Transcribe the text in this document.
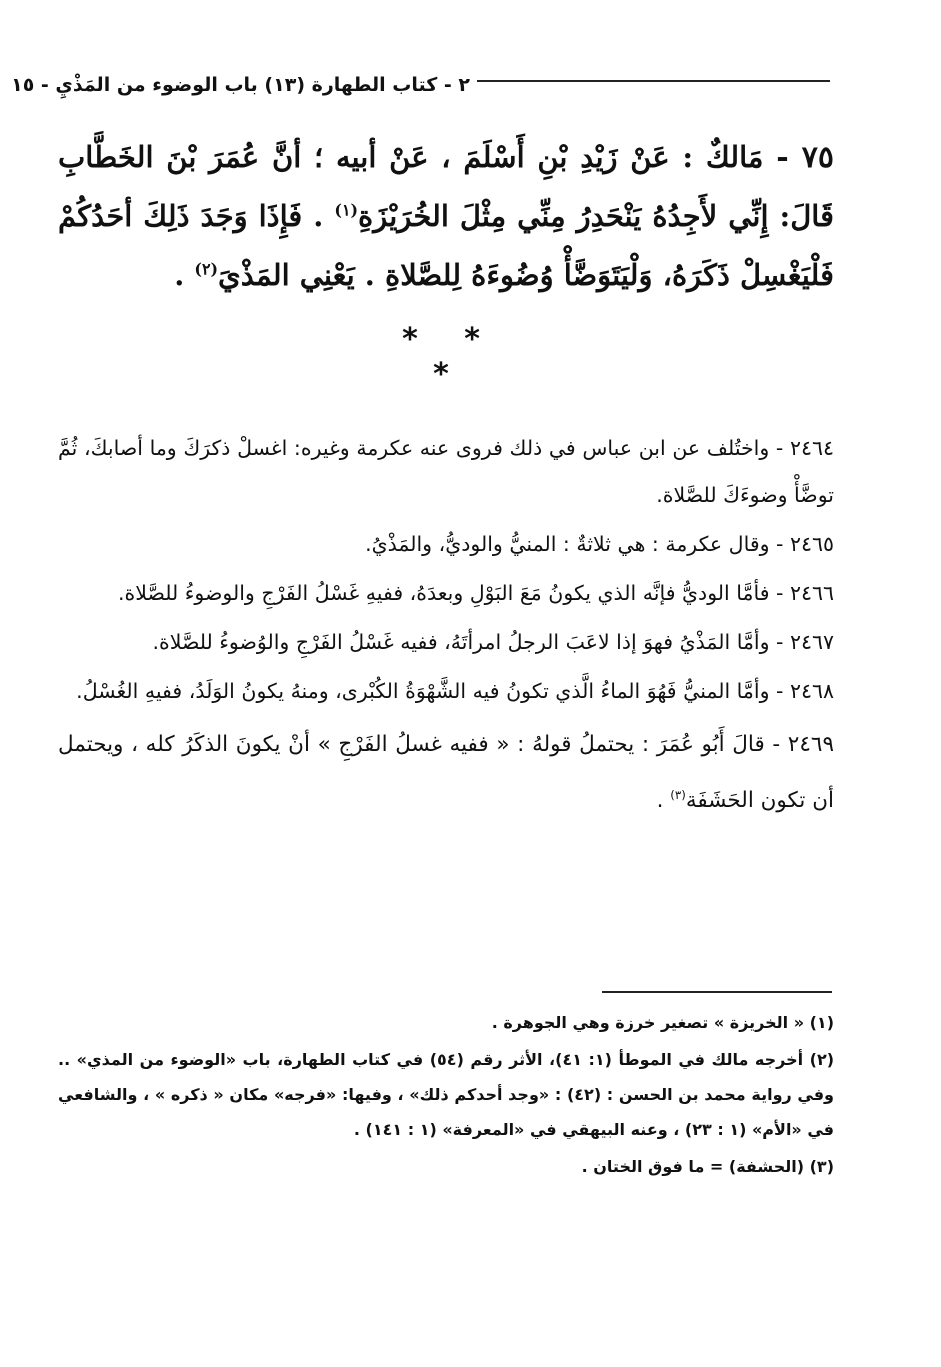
٢ - كتاب الطهارة (١٣) باب الوضوء من المَذْيِ - ١٥
٧٥ - مَالكٌ : عَنْ زَيْدِ بْنِ أَسْلَمَ ، عَنْ أبيه ؛ أنَّ عُمَرَ بْنَ الخَطَّابِ قَالَ: إِنِّي لأَجِدُهُ يَنْحَدِرُ مِنِّي مِثْلَ الخُرَيْزَةِ$^{(١)}$ . فَإِذَا وَجَدَ ذَلِكَ أحَدُكُمْ فَلْيَغْسِلْ ذَكَرَهُ، وَلْيَتَوَضَّأْ وُضُوءَهُ لِلصَّلاةِ . يَعْنِي المَذْيَ$^{(٢)}$ .
* * *

٢٤٦٤ - واختُلف عن ابن عباس في ذلك فروى عنه عكرمة وغيره: اغسلْ ذكرَكَ وما أصابكَ، ثُمَّ توضَّأْ وضوءَكَ للصَّلاة.

٢٤٦٥ - وقال عكرمة : هي ثلاثةٌ : المنيُّ والوديُّ، والمَذْيُ.

٢٤٦٦ - فأمَّا الوديُّ فإنَّه الذي يكونُ مَعَ البَوْلِ وبعدَهُ، ففيهِ غَسْلُ الفَرْجِ والوضوءُ للصَّلاة.

٢٤٦٧ - وأمَّا المَذْيُ فهوَ إذا لاعَبَ الرجلُ امرأتَهُ، ففيه غَسْلُ الفَرْجِ والوُضوءُ للصَّلاة.

٢٤٦٨ - وأمَّا المنيُّ فَهُوَ الماءُ الَّذي تكونُ فيه الشَّهْوَةُ الكُبْرى، ومنهُ يكونُ الوَلَدُ، ففيهِ الغُسْلُ.

٢٤٦٩ - قالَ أَبُو عُمَرَ : يحتملُ قولهُ : « ففيه غسلُ الفَرْجِ » أنْ يكونَ الذكَرُ كله ، ويحتمل أن تكون الحَشَفَة$^{(٣)}$ .

(١) « الخريزة » تصغير خرزة وهي الجوهرة .

(٢) أخرجه مالك في الموطأ (١: ٤١)، الأثر رقم (٥٤) في كتاب الطهارة، باب «الوضوء من المذي» .. وفي رواية محمد بن الحسن : (٤٢) : «وجد أحدكم ذلك» ، وفيها: «فرجه» مكان « ذكره » ، والشافعي في «الأم» (١ : ٢٣) ، وعنه البيهقي في «المعرفة» (١ : ١٤١) .

(٣) (الحشفة) = ما فوق الختان .
